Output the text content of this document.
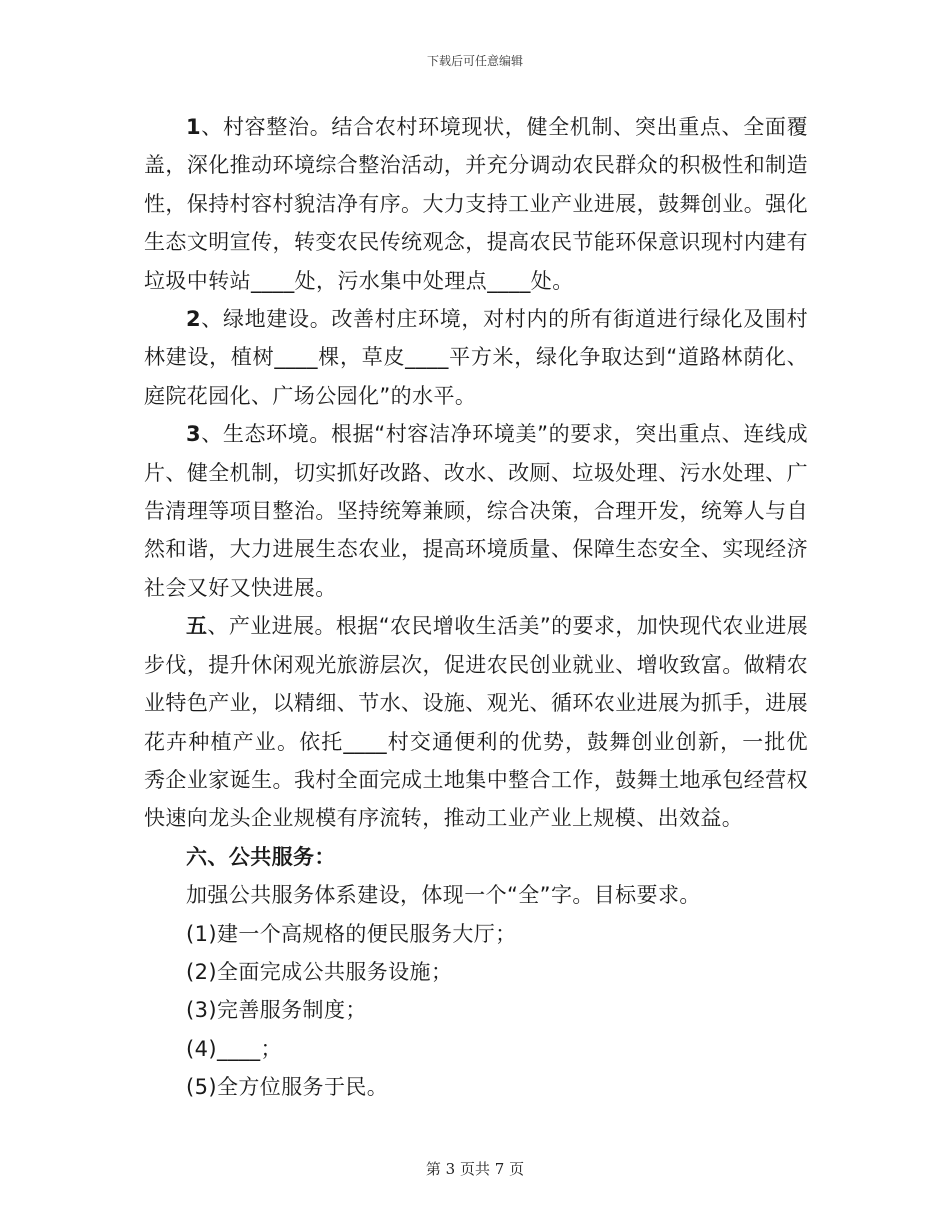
下载后可任意编辑

1、村容整治。结合农村环境现状，健全机制、突出重点、全面覆盖，深化推动环境综合整治活动，并充分调动农民群众的积极性和制造性，保持村容村貌洁净有序。大力支持工业产业进展，鼓舞创业。强化生态文明宣传，转变农民传统观念，提高农民节能环保意识现村内建有垃圾中转站____处，污水集中处理点____处。

2、绿地建设。改善村庄环境，对村内的所有街道进行绿化及围村林建设，植树____棵，草皮____平方米，绿化争取达到“道路林荫化、庭院花园化、广场公园化”的水平。

3、生态环境。根据“村容洁净环境美”的要求，突出重点、连线成片、健全机制，切实抓好改路、改水、改厕、垃圾处理、污水处理、广告清理等项目整治。坚持统筹兼顾，综合决策，合理开发，统筹人与自然和谐，大力进展生态农业，提高环境质量、保障生态安全、实现经济社会又好又快进展。

五、产业进展。根据“农民增收生活美”的要求，加快现代农业进展步伐，提升休闲观光旅游层次，促进农民创业就业、增收致富。做精农业特色产业，以精细、节水、设施、观光、循环农业进展为抓手，进展花卉种植产业。依托____村交通便利的优势，鼓舞创业创新，一批优秀企业家诞生。我村全面完成土地集中整合工作，鼓舞土地承包经营权快速向龙头企业规模有序流转，推动工业产业上规模、出效益。

六、公共服务：

加强公共服务体系建设，体现一个“全”字。目标要求。

(1)建一个高规格的便民服务大厅；

(2)全面完成公共服务设施；

(3)完善服务制度；

(4)____；

(5)全方位服务于民。

第 3 页共 7 页
